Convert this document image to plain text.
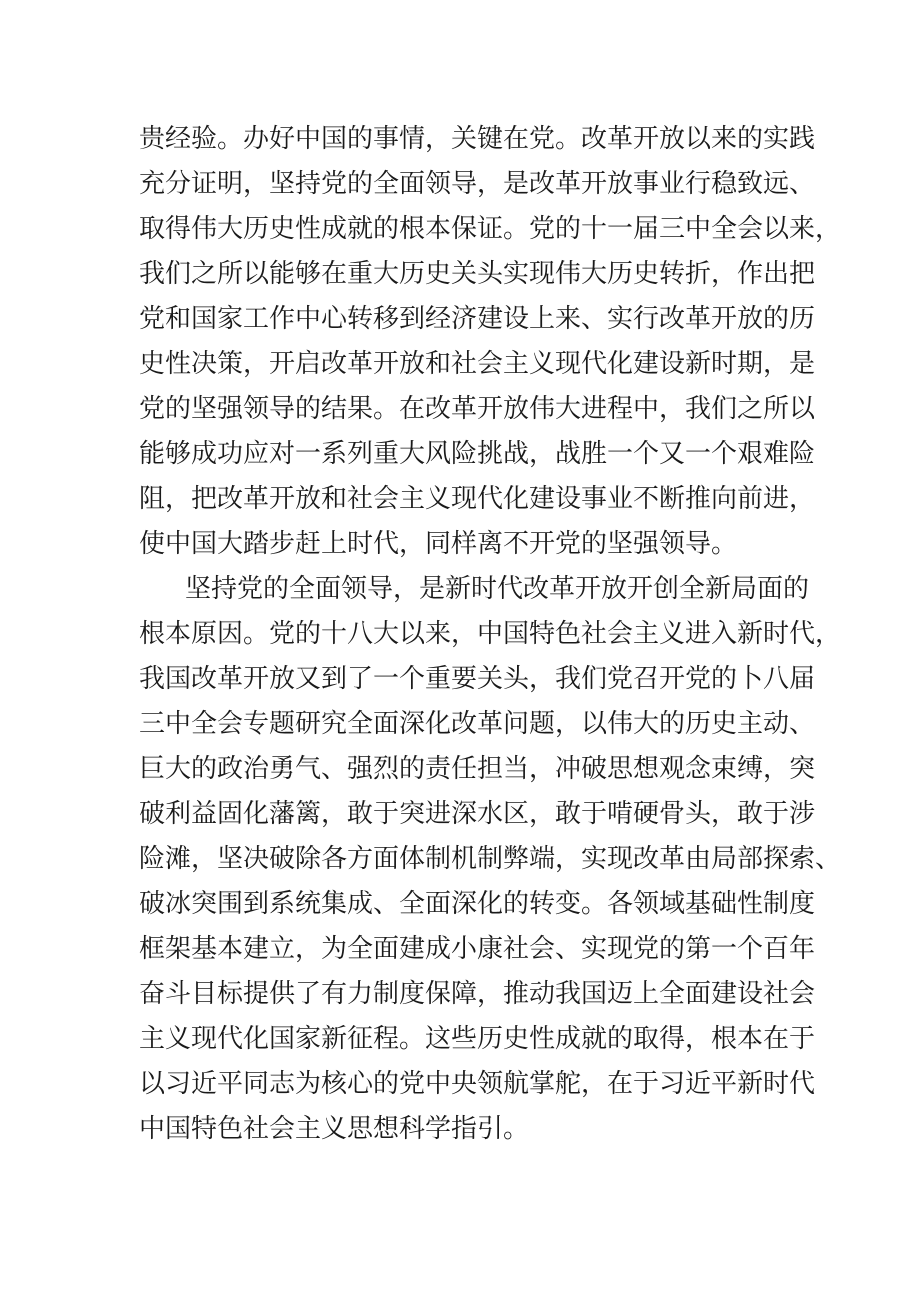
贵经验。办好中国的事情，关键在党。改革开放以来的实践
充分证明，坚持党的全面领导，是改革开放事业行稳致远、
取得伟大历史性成就的根本保证。党的十一届三中全会以来，
我们之所以能够在重大历史关头实现伟大历史转折，作出把
党和国家工作中心转移到经济建设上来、实行改革开放的历
史性决策，开启改革开放和社会主义现代化建设新时期，是
党的坚强领导的结果。在改革开放伟大进程中，我们之所以
能够成功应对一系列重大风险挑战，战胜一个又一个艰难险
阻，把改革开放和社会主义现代化建设事业不断推向前进，
使中国大踏步赶上时代，同样离不开党的坚强领导。
坚持党的全面领导，是新时代改革开放开创全新局面的
根本原因。党的十八大以来，中国特色社会主义进入新时代，
我国改革开放又到了一个重要关头，我们党召开党的卜八届
三中全会专题研究全面深化改革问题，以伟大的历史主动、
巨大的政治勇气、强烈的责任担当，冲破思想观念束缚，突
破利益固化藩篱，敢于突进深水区，敢于啃硬骨头，敢于涉
险滩，坚决破除各方面体制机制弊端，实现改革由局部探索、
破冰突围到系统集成、全面深化的转变。各领域基础性制度
框架基本建立，为全面建成小康社会、实现党的第一个百年
奋斗目标提供了有力制度保障，推动我国迈上全面建设社会
主义现代化国家新征程。这些历史性成就的取得，根本在于
以习近平同志为核心的党中央领航掌舵，在于习近平新时代
中国特色社会主义思想科学指引。
